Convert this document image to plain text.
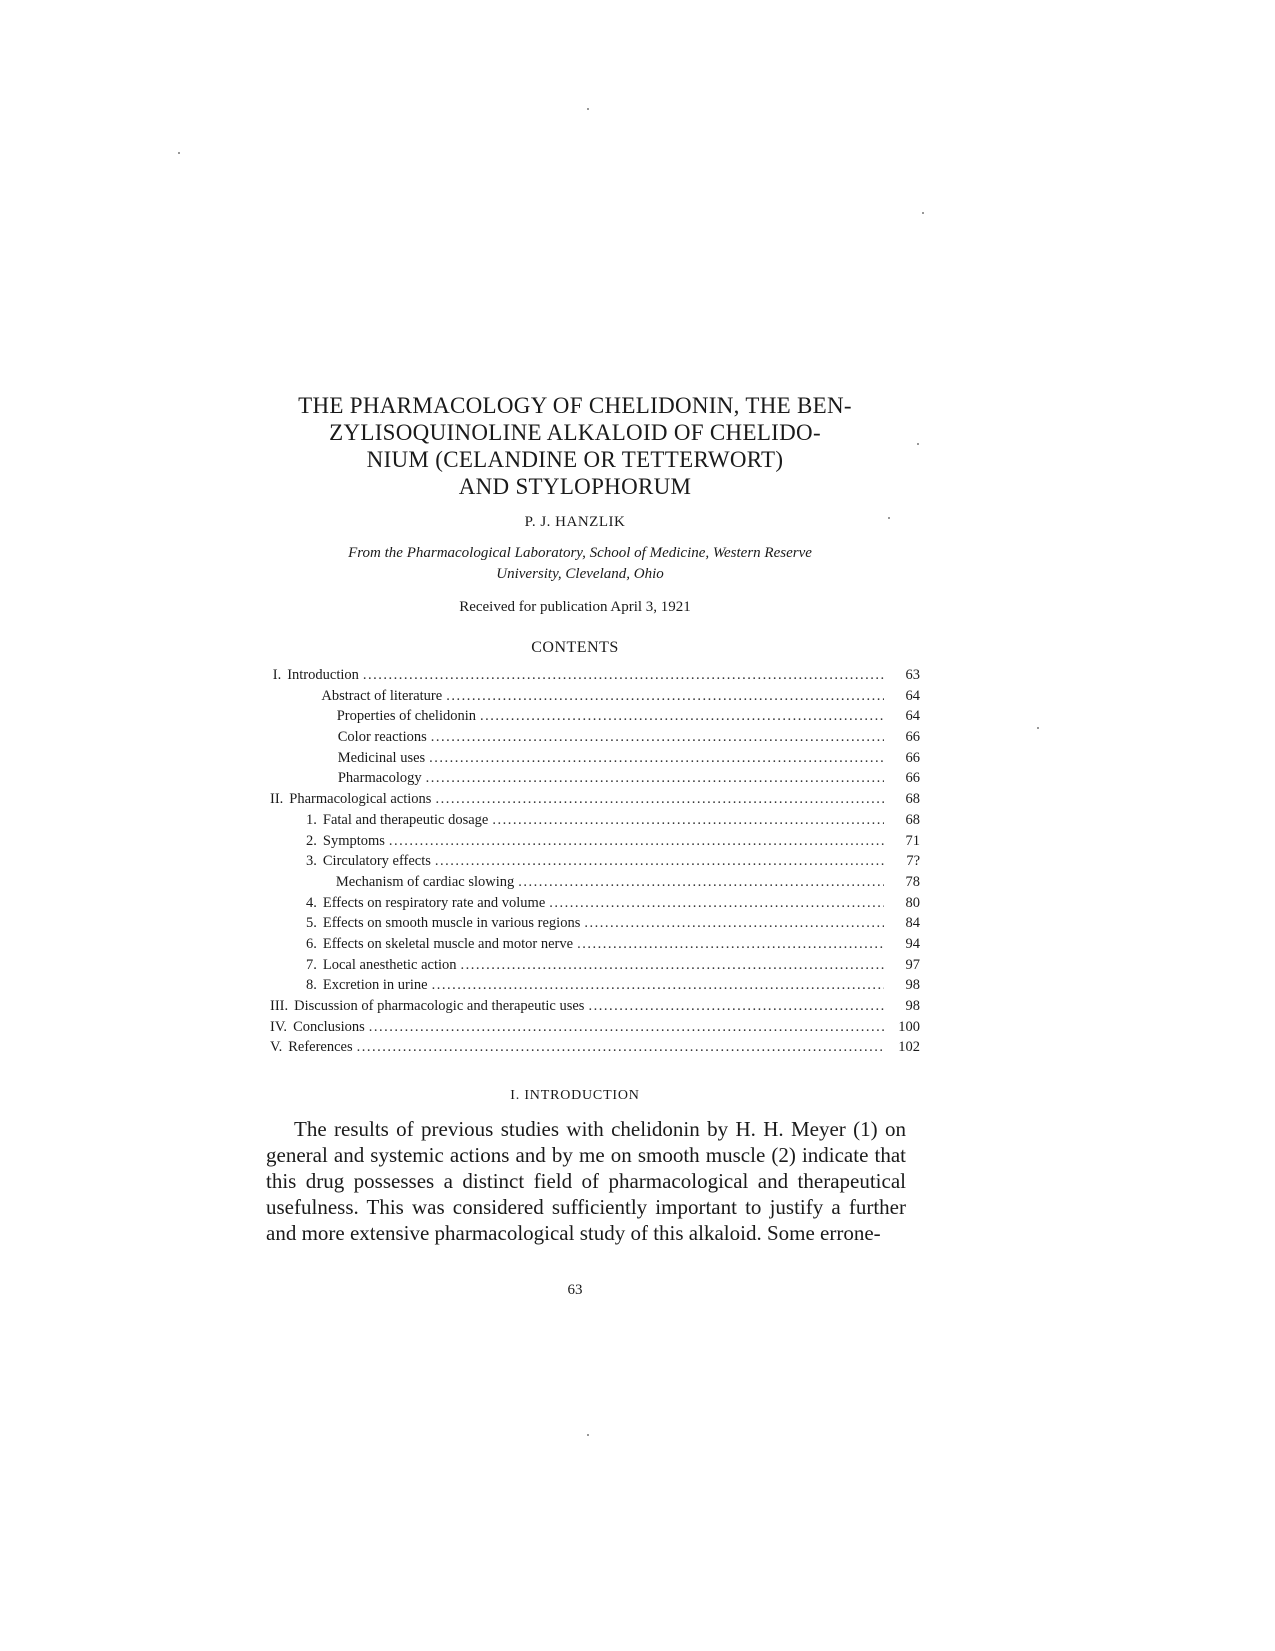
THE PHARMACOLOGY OF CHELIDONIN, THE BEN-
ZYLISOQUINOLINE ALKALOID OF CHELIDO-
NIUM (CELANDINE OR TETTERWORT)
AND STYLOPHORUM
P. J. HANZLIK
From the Pharmacological Laboratory, School of Medicine, Western Reserve
University, Cleveland, Ohio
Received for publication April 3, 1921
CONTENTS
I. Introduction .....	63
Abstract of literature .....	64
Properties of chelidonin .....	64
Color reactions .....	66
Medicinal uses .....	66
Pharmacology .....	66
II. Pharmacological actions .....	68
1. Fatal and therapeutic dosage .....	68
2. Symptoms .....	71
3. Circulatory effects .....	7?
Mechanism of cardiac slowing .....	78
4. Effects on respiratory rate and volume .....	80
5. Effects on smooth muscle in various regions .....	84
6. Effects on skeletal muscle and motor nerve .....	94
7. Local anesthetic action .....	97
8. Excretion in urine .....	98
III. Discussion of pharmacologic and therapeutic uses .....	98
IV. Conclusions .....	100
V. References .....	102
I. INTRODUCTION

The results of previous studies with chelidonin by H. H. Meyer (1) on general and systemic actions and by me on smooth muscle (2) indicate that this drug possesses a distinct field of pharmacological and therapeutical usefulness. This was considered sufficiently important to justify a further and more extensive pharmacological study of this alkaloid. Some errone-

63
